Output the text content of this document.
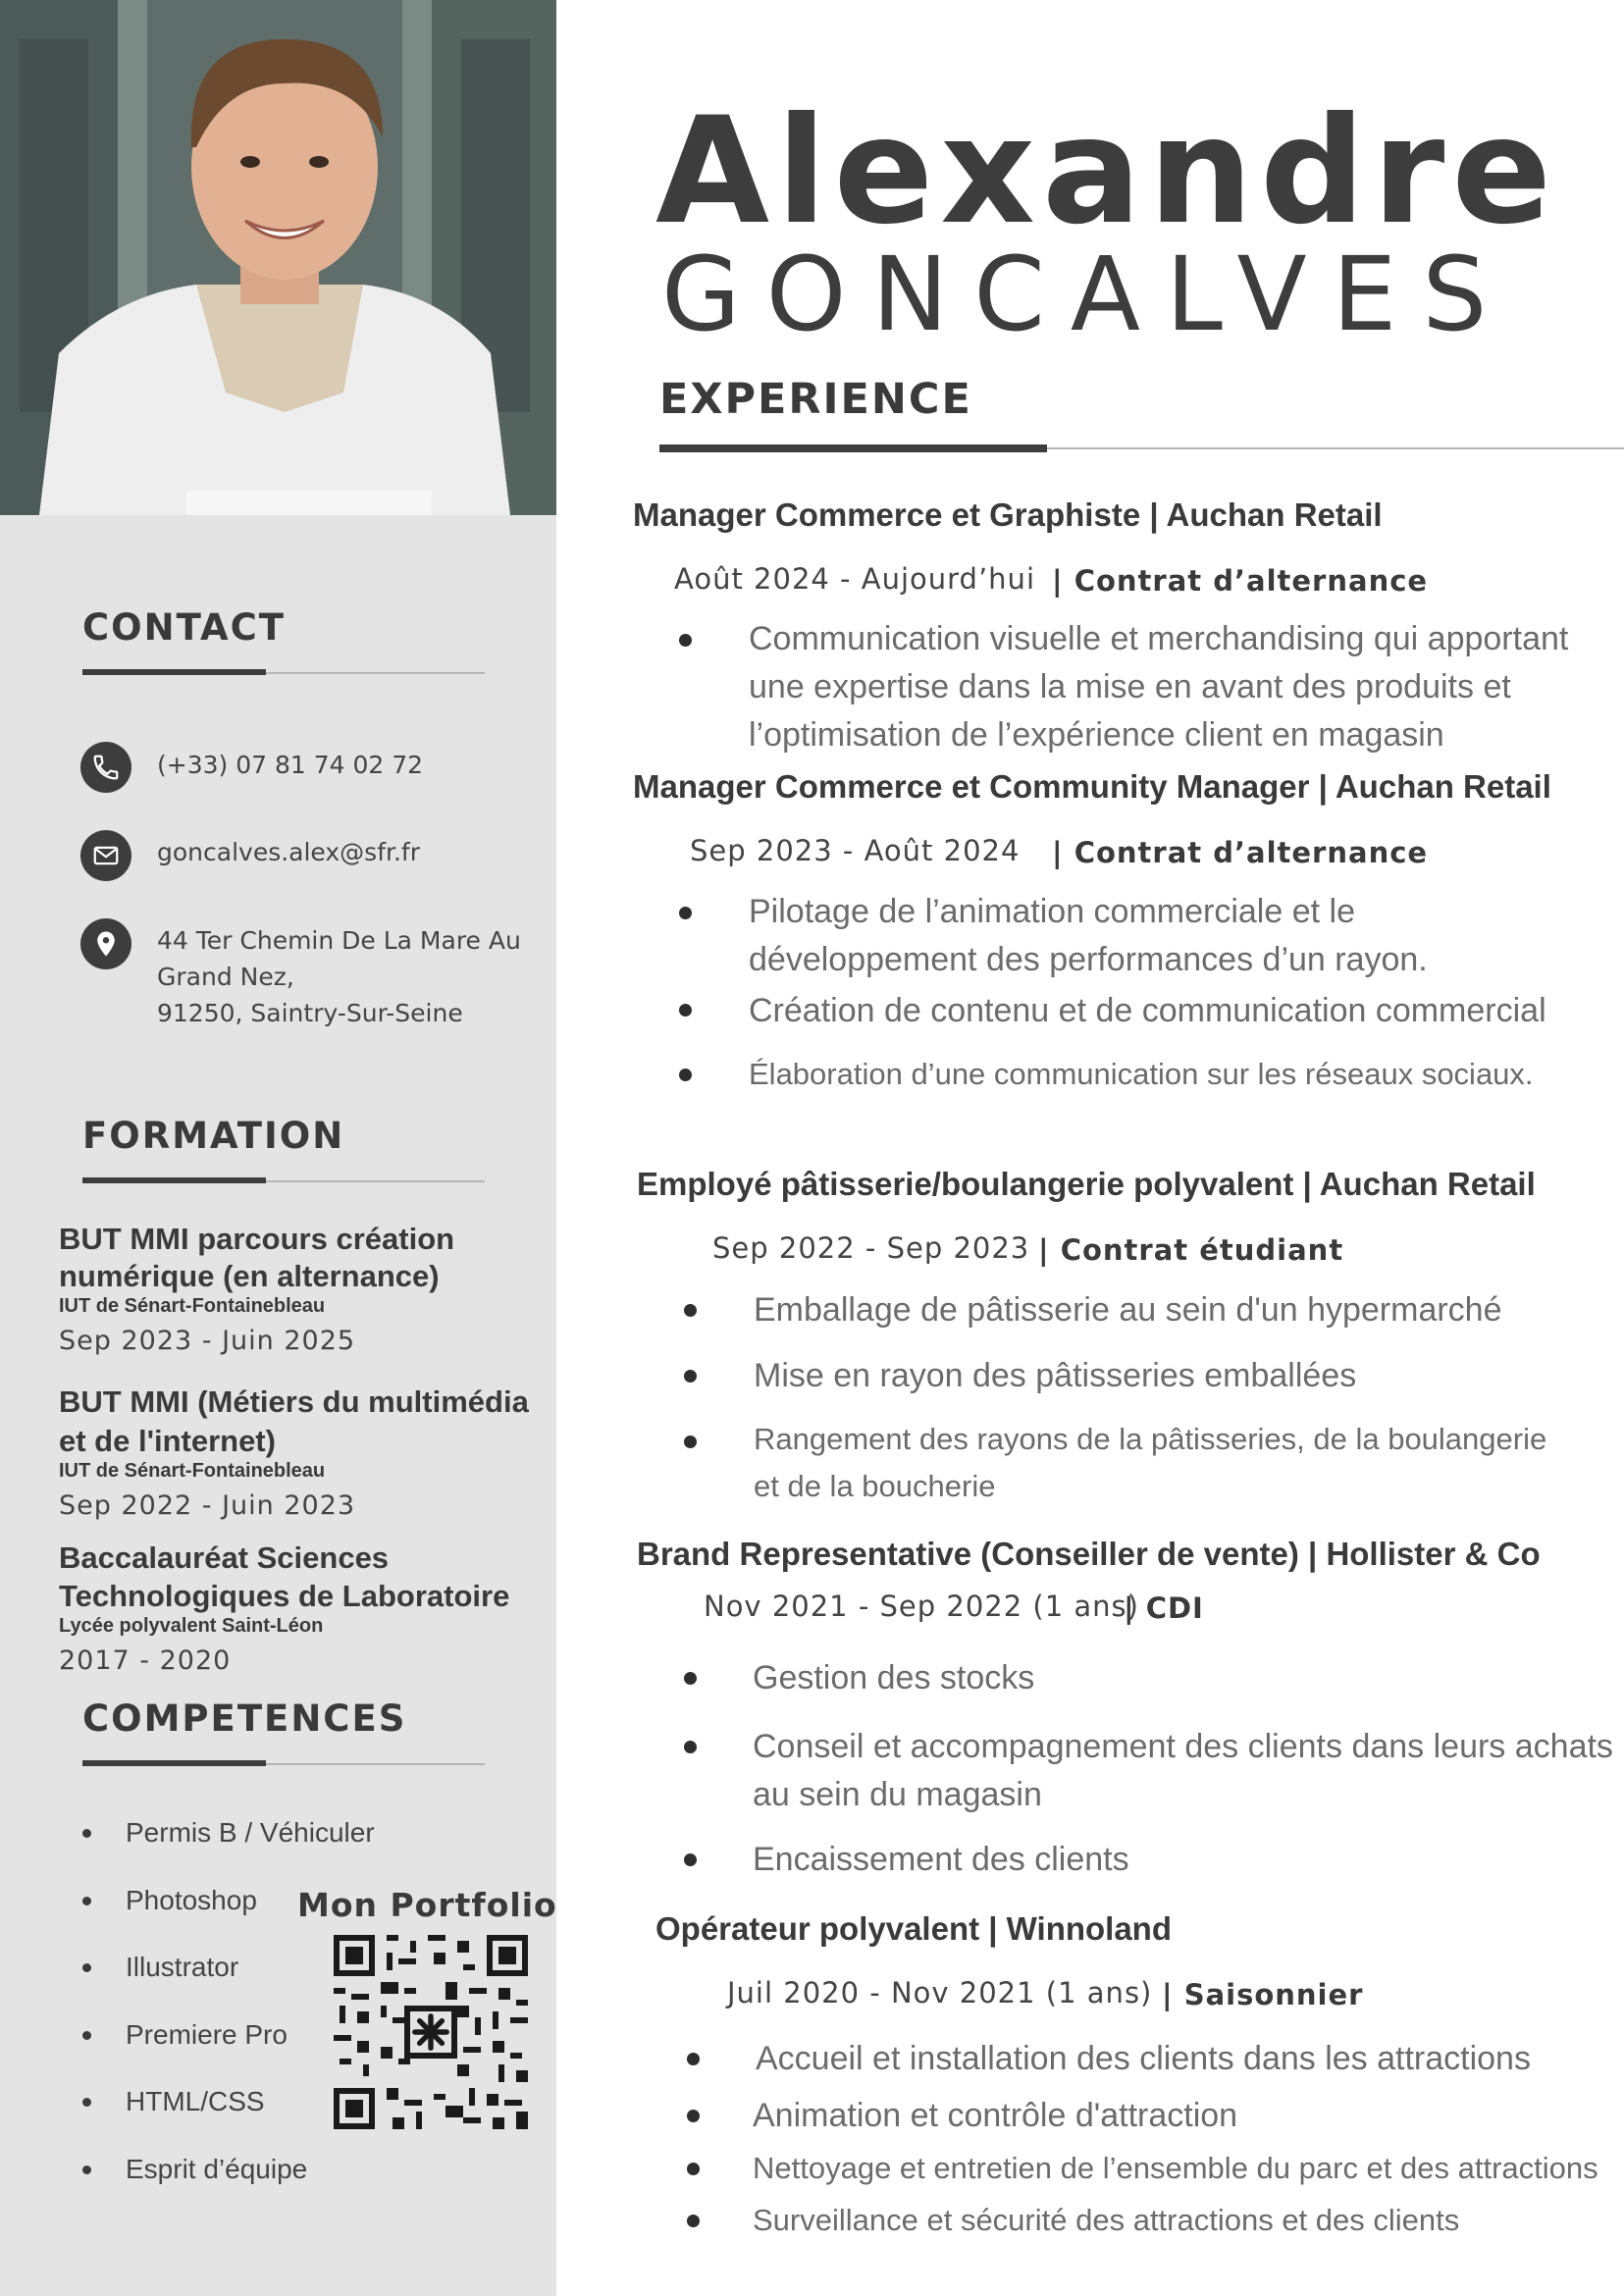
CONTACT
(+33) 07 81 74 02 72
goncalves.alex@sfr.fr
44 Ter Chemin De La Mare Au
Grand Nez,
91250, Saintry-Sur-Seine
FORMATION
BUT MMI parcours création
numérique (en alternance)
IUT de Sénart-Fontainebleau
Sep 2023 - Juin 2025
BUT MMI (Métiers du multimédia
et de l'internet)
IUT de Sénart-Fontainebleau
Sep 2022 - Juin 2023
Baccalauréat Sciences
Technologiques de Laboratoire
Lycée polyvalent Saint-Léon
2017 - 2020
COMPETENCES
Permis B / Véhiculer
Photoshop
Illustrator
Premiere Pro
HTML/CSS
Esprit d’équipe
Mon Portfolio
Alexandre
GONCALVES
EXPERIENCE
Manager Commerce et Graphiste | Auchan Retail
Août 2024 - Aujourd’hui | Contrat d’alternance
Communication visuelle et merchandising qui apportant
une expertise dans la mise en avant des produits et
l’optimisation de l’expérience client en magasin
Manager Commerce et Community Manager | Auchan Retail
Sep 2023 - Août 2024 | Contrat d’alternance
Pilotage de l’animation commerciale et le
développement des performances d’un rayon.
Création de contenu et de communication commercial
Élaboration d’une communication sur les réseaux sociaux.
Employé pâtisserie/boulangerie polyvalent | Auchan Retail
Sep 2022 - Sep 2023 | Contrat étudiant
Emballage de pâtisserie au sein d'un hypermarché
Mise en rayon des pâtisseries emballées
Rangement des rayons de la pâtisseries, de la boulangerie
et de la boucherie
Brand Representative (Conseiller de vente) | Hollister & Co
Nov 2021 - Sep 2022 (1 ans)
| CDI
Gestion des stocks
Conseil et accompagnement des clients dans leurs achats
au sein du magasin
Encaissement des clients
Opérateur polyvalent | Winnoland
Juil 2020 - Nov 2021 (1 ans) | Saisonnier
Accueil et installation des clients dans les attractions
Animation et contrôle d'attraction
Nettoyage et entretien de l’ensemble du parc et des attractions
Surveillance et sécurité des attractions et des clients
